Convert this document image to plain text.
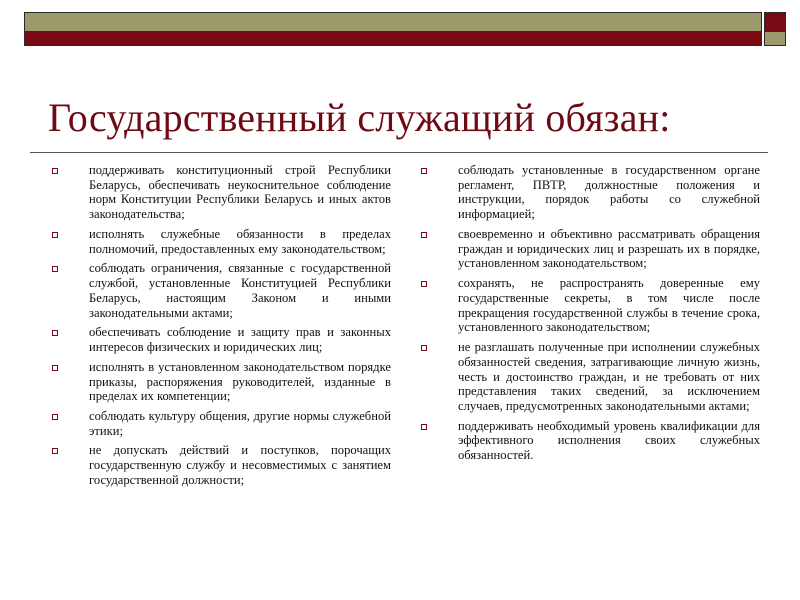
Государственный служащий обязан:
поддерживать конституционный строй Республики Беларусь, обеспечивать неукоснительное соблюдение норм Конституции Республики Беларусь и иных актов законодательства;
исполнять служебные обязанности в пределах полномочий, предоставленных ему законодательством;
соблюдать ограничения, связанные с государственной службой, установленные Конституцией Республики Беларусь, настоящим Законом и иными законодательными актами;
обеспечивать соблюдение и защиту прав и законных интересов физических и юридических лиц;
исполнять в установленном законодательством порядке приказы, распоряжения руководителей, изданные в пределах их компетенции;
соблюдать культуру общения, другие нормы служебной этики;
не допускать действий и поступков, порочащих государственную службу и несовместимых с занятием государственной должности;
соблюдать установленные в государственном органе регламент, ПВТР, должностные положения и инструкции, порядок работы со служебной информацией;
своевременно и объективно рассматривать обращения граждан и юридических лиц и разрешать их в порядке, установленном законодательством;
сохранять, не распространять доверенные ему государственные секреты, в том числе после прекращения государственной службы в течение срока, установленного законодательством;
не разглашать полученные при исполнении служебных обязанностей сведения, затрагивающие личную жизнь, честь и достоинство граждан, и не требовать от них представления таких сведений, за исключением случаев, предусмотренных законодательными актами;
поддерживать необходимый уровень квалификации для эффективного исполнения своих служебных обязанностей.
